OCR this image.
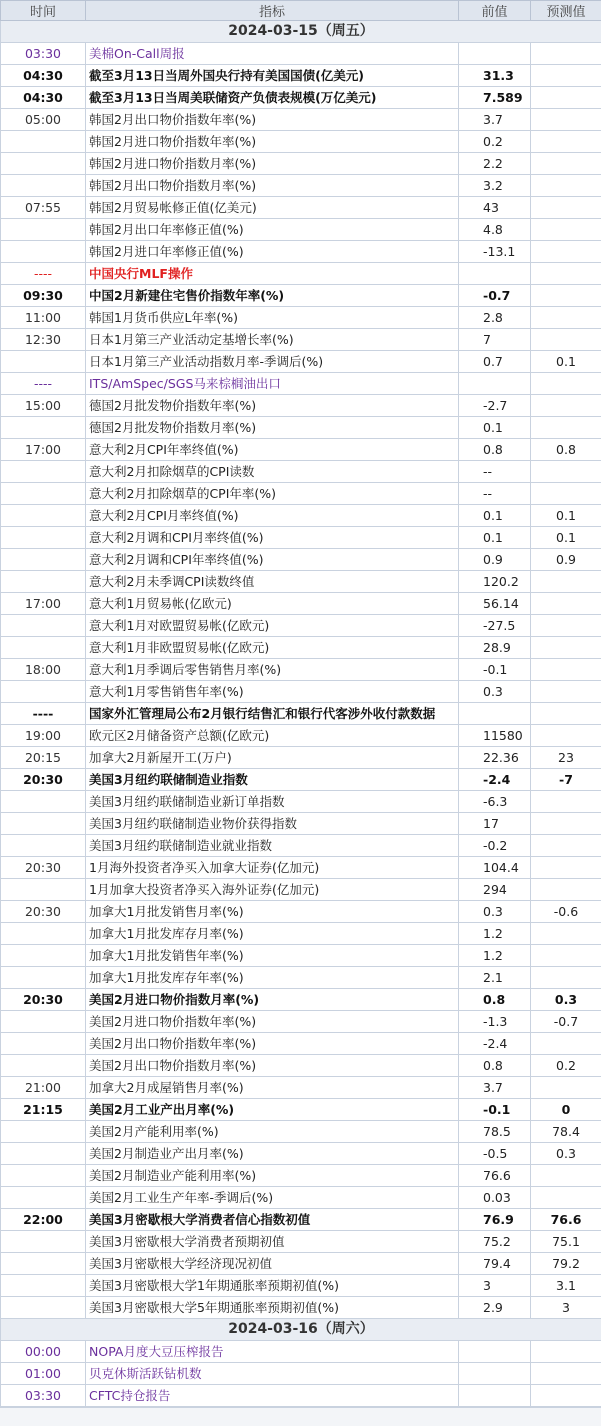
时间	指标	前值	预测值
2024-03-15（周五）			
03:30	美棉On-Call周报		
04:30	截至3月13日当周外国央行持有美国国债(亿美元)	31.3	
04:30	截至3月13日当周美联储资产负债表规模(万亿美元)	7.589	
05:00	韩国2月出口物价指数年率(%)	3.7	
	韩国2月进口物价指数年率(%)	0.2	
	韩国2月进口物价指数月率(%)	2.2	
	韩国2月出口物价指数月率(%)	3.2	
07:55	韩国2月贸易帐修正值(亿美元)	43	
	韩国2月出口年率修正值(%)	4.8	
	韩国2月进口年率修正值(%)	-13.1	
----	中国央行MLF操作		
09:30	中国2月新建住宅售价指数年率(%)	-0.7	
11:00	韩国1月货币供应L年率(%)	2.8	
12:30	日本1月第三产业活动定基增长率(%)	7	
	日本1月第三产业活动指数月率-季调后(%)	0.7	0.1
----	ITS/AmSpec/SGS马来棕榈油出口		
15:00	德国2月批发物价指数年率(%)	-2.7	
	德国2月批发物价指数月率(%)	0.1	
17:00	意大利2月CPI年率终值(%)	0.8	0.8
	意大利2月扣除烟草的CPI读数	--	
	意大利2月扣除烟草的CPI年率(%)	--	
	意大利2月CPI月率终值(%)	0.1	0.1
	意大利2月调和CPI月率终值(%)	0.1	0.1
	意大利2月调和CPI年率终值(%)	0.9	0.9
	意大利2月未季调CPI读数终值	120.2	
17:00	意大利1月贸易帐(亿欧元)	56.14	
	意大利1月对欧盟贸易帐(亿欧元)	-27.5	
	意大利1月非欧盟贸易帐(亿欧元)	28.9	
18:00	意大利1月季调后零售销售月率(%)	-0.1	
	意大利1月零售销售年率(%)	0.3	
----	国家外汇管理局公布2月银行结售汇和银行代客涉外收付款数据		
19:00	欧元区2月储备资产总额(亿欧元)	11580	
20:15	加拿大2月新屋开工(万户)	22.36	23
20:30	美国3月纽约联储制造业指数	-2.4	-7
	美国3月纽约联储制造业新订单指数	-6.3	
	美国3月纽约联储制造业物价获得指数	17	
	美国3月纽约联储制造业就业指数	-0.2	
20:30	1月海外投资者净买入加拿大证券(亿加元)	104.4	
	1月加拿大投资者净买入海外证券(亿加元)	294	
20:30	加拿大1月批发销售月率(%)	0.3	-0.6
	加拿大1月批发库存月率(%)	1.2	
	加拿大1月批发销售年率(%)	1.2	
	加拿大1月批发库存年率(%)	2.1	
20:30	美国2月进口物价指数月率(%)	0.8	0.3
	美国2月进口物价指数年率(%)	-1.3	-0.7
	美国2月出口物价指数年率(%)	-2.4	
	美国2月出口物价指数月率(%)	0.8	0.2
21:00	加拿大2月成屋销售月率(%)	3.7	
21:15	美国2月工业产出月率(%)	-0.1	0
	美国2月产能利用率(%)	78.5	78.4
	美国2月制造业产出月率(%)	-0.5	0.3
	美国2月制造业产能利用率(%)	76.6	
	美国2月工业生产年率-季调后(%)	0.03	
22:00	美国3月密歇根大学消费者信心指数初值	76.9	76.6
	美国3月密歇根大学消费者预期初值	75.2	75.1
	美国3月密歇根大学经济现况初值	79.4	79.2
	美国3月密歇根大学1年期通胀率预期初值(%)	3	3.1
	美国3月密歇根大学5年期通胀率预期初值(%)	2.9	3
2024-03-16（周六）			
00:00	NOPA月度大豆压榨报告		
01:00	贝克休斯活跃钻机数		
03:30	CFTC持仓报告		
